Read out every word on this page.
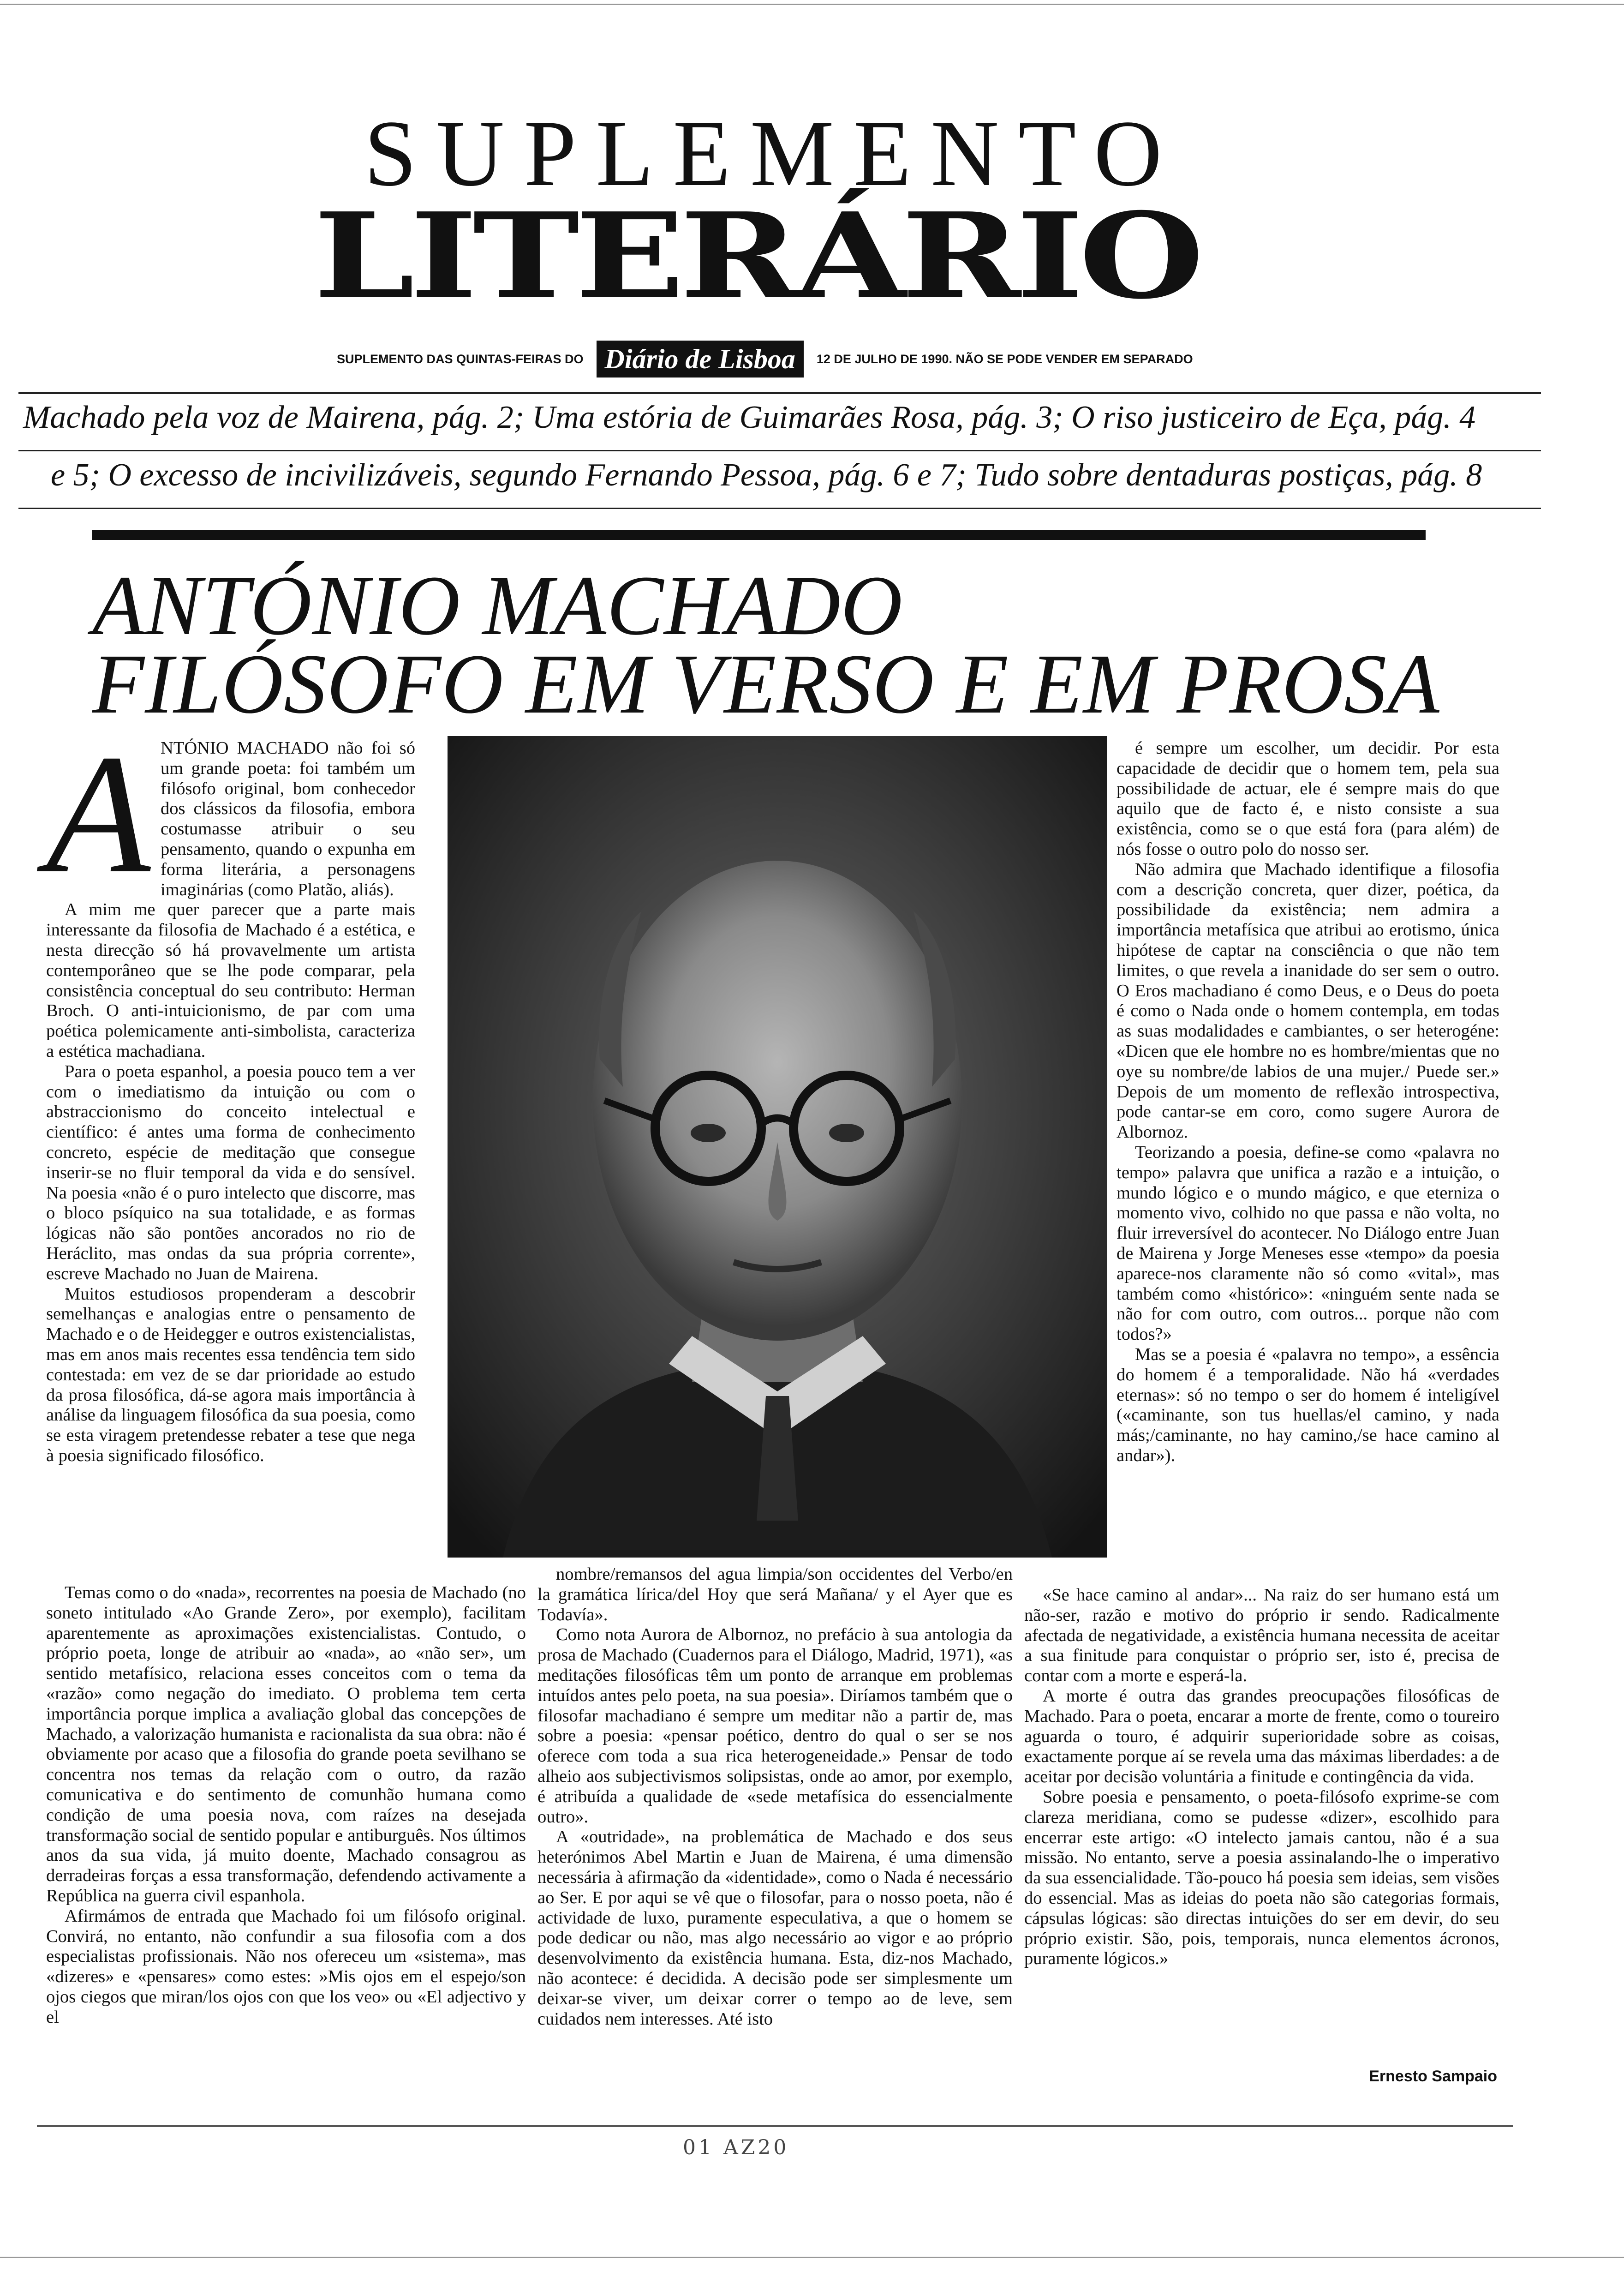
SUPLEMENTO
LITERÁRIO
SUPLEMENTO DAS QUINTAS-FEIRAS DO Diário de Lisboa	12 DE JULHO DE 1990. NÃO SE PODE VENDER EM SEPARADO
Machado pela voz de Mairena, pág. 2; Uma estória de Guimarães Rosa, pág. 3; O riso justiceiro de Eça, pág. 4
e 5; O excesso de incivilizáveis, segundo Fernando Pessoa, pág. 6 e 7; Tudo sobre dentaduras postiças, pág. 8
ANTÓNIO MACHADO
FILÓSOFO EM VERSO E EM PROSA

ANTÓNIO MACHADO não foi só um grande poeta: foi também um filósofo original, bom conhecedor dos clássicos da filosofia, embora costumasse atribuir o seu pensamento, quando o expunha em forma literária, a personagens imaginárias (como Platão, aliás).

A mim me quer parecer que a parte mais interessante da filosofia de Machado é a estética, e nesta direcção só há provavelmente um artista contemporâneo que se lhe pode comparar, pela consistência conceptual do seu contributo: Herman Broch. O anti-intuicionismo, de par com uma poética polemicamente anti-simbolista, caracteriza a estética machadiana.

Para o poeta espanhol, a poesia pouco tem a ver com o imediatismo da intuição ou com o abstraccionismo do conceito intelectual e científico: é antes uma forma de conhecimento concreto, espécie de meditação que consegue inserir-se no fluir temporal da vida e do sensível. Na poesia «não é o puro intelecto que discorre, mas o bloco psíquico na sua totalidade, e as formas lógicas não são pontões ancorados no rio de Heráclito, mas ondas da sua própria corrente», escreve Machado no Juan de Mairena.

Muitos estudiosos propenderam a descobrir semelhanças e analogias entre o pensamento de Machado e o de Heidegger e outros existencialistas, mas em anos mais recentes essa tendência tem sido contestada: em vez de se dar prioridade ao estudo da prosa filosófica, dá-se agora mais importância à análise da linguagem filosófica da sua poesia, como se esta viragem pretendesse rebater a tese que nega à poesia significado filosófico.

Temas como o do «nada», recorrentes na poesia de Machado (no soneto intitulado «Ao Grande Zero», por exemplo), facilitam aparentemente as aproximações existencialistas. Contudo, o próprio poeta, longe de atribuir ao «nada», ao «não ser», um sentido metafísico, relaciona esses conceitos com o tema da «razão» como negação do imediato. O problema tem certa importância porque implica a avaliação global das concepções de Machado, a valorização humanista e racionalista da sua obra: não é obviamente por acaso que a filosofia do grande poeta sevilhano se concentra nos temas da relação com o outro, da razão comunicativa e do sentimento de comunhão humana como condição de uma poesia nova, com raízes na desejada transformação social de sentido popular e antiburguês. Nos últimos anos da sua vida, já muito doente, Machado consagrou as derradeiras forças a essa transformação, defendendo activamente a República na guerra civil espanhola.

Afirmámos de entrada que Machado foi um filósofo original. Convirá, no entanto, não confundir a sua filosofia com a dos especialistas profissionais. Não nos ofereceu um «sistema», mas «dizeres» e «pensares» como estes: »Mis ojos em el espejo/son ojos ciegos que miran/los ojos con que los veo» ou «El adjectivo y el

nombre/remansos del agua limpia/son occidentes del Verbo/en la gramática lírica/del Hoy que será Mañana/ y el Ayer que es Todavía».

Como nota Aurora de Albornoz, no prefácio à sua antologia da prosa de Machado (Cuadernos para el Diálogo, Madrid, 1971), «as meditações filosóficas têm um ponto de arranque em problemas intuídos antes pelo poeta, na sua poesia». Diríamos também que o filosofar machadiano é sempre um meditar não a partir de, mas sobre a poesia: «pensar poético, dentro do qual o ser se nos oferece com toda a sua rica heterogeneidade.» Pensar de todo alheio aos subjectivismos solipsistas, onde ao amor, por exemplo, é atribuída a qualidade de «sede metafísica do essencialmente outro».

A «outridade», na problemática de Machado e dos seus heterónimos Abel Martin e Juan de Mairena, é uma dimensão necessária à afirmação da «identidade», como o Nada é necessário ao Ser. E por aqui se vê que o filosofar, para o nosso poeta, não é actividade de luxo, puramente especulativa, a que o homem se pode dedicar ou não, mas algo necessário ao vigor e ao próprio desenvolvimento da existência humana. Esta, diz-nos Machado, não acontece: é decidida. A decisão pode ser simplesmente um deixar-se viver, um deixar correr o tempo ao de leve, sem cuidados nem interesses. Até isto

é sempre um escolher, um decidir. Por esta capacidade de decidir que o homem tem, pela sua possibilidade de actuar, ele é sempre mais do que aquilo que de facto é, e nisto consiste a sua existência, como se o que está fora (para além) de nós fosse o outro polo do nosso ser.

Não admira que Machado identifique a filosofia com a descrição concreta, quer dizer, poética, da possibilidade da existência; nem admira a importância metafísica que atribui ao erotismo, única hipótese de captar na consciência o que não tem limites, o que revela a inanidade do ser sem o outro. O Eros machadiano é como Deus, e o Deus do poeta é como o Nada onde o homem contempla, em todas as suas modalidades e cambiantes, o ser heterogéne: «Dicen que ele hombre no es hombre/mientas que no oye su nombre/de labios de una mujer./ Puede ser.» Depois de um momento de reflexão introspectiva, pode cantar-se em coro, como sugere Aurora de Albornoz.

Teorizando a poesia, define-se como «palavra no tempo» palavra que unifica a razão e a intuição, o mundo lógico e o mundo mágico, e que eterniza o momento vivo, colhido no que passa e não volta, no fluir irreversível do acontecer. No Diálogo entre Juan de Mairena y Jorge Meneses esse «tempo» da poesia aparece-nos claramente não só como «vital», mas também como «histórico»: «ninguém sente nada se não for com outro, com outros... porque não com todos?»

Mas se a poesia é «palavra no tempo», a essência do homem é a temporalidade. Não há «verdades eternas»: só no tempo o ser do homem é inteligível («caminante, son tus huellas/el camino, y nada más;/caminante, no hay camino,/se hace camino al andar»).

«Se hace camino al andar»... Na raiz do ser humano está um não-ser, razão e motivo do próprio ir sendo. Radicalmente afectada de negatividade, a existência humana necessita de aceitar a sua finitude para conquistar o próprio ser, isto é, precisa de contar com a morte e esperá-la.

A morte é outra das grandes preocupações filosóficas de Machado. Para o poeta, encarar a morte de frente, como o toureiro aguarda o touro, é adquirir superioridade sobre as coisas, exactamente porque aí se revela uma das máximas liberdades: a de aceitar por decisão voluntária a finitude e contingência da vida.

Sobre poesia e pensamento, o poeta-filósofo exprime-se com clareza meridiana, como se pudesse «dizer», escolhido para encerrar este artigo: «O intelecto jamais cantou, não é a sua missão. No entanto, serve a poesia assinalando-lhe o imperativo da sua essencialidade. Tão-pouco há poesia sem ideias, sem visões do essencial. Mas as ideias do poeta não são categorias formais, cápsulas lógicas: são directas intuições do ser em devir, do seu próprio existir. São, pois, temporais, nunca elementos ácronos, puramente lógicos.»

Ernesto Sampaio
01 AZ20
